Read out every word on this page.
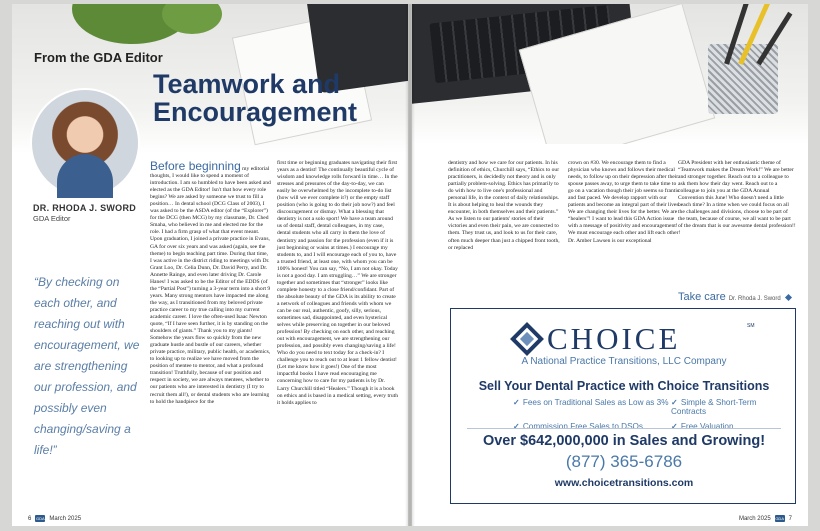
From the GDA Editor
Teamwork and
Encouragement
DR. RHODA J. SWORD
GDA Editor
“By checking on each other, and reaching out with encouragement, we are strengthening our profession, and possibly even changing/saving a life!”
Before beginning my editorial thoughts, I would like to spend a moment of introduction. I am so humbled to have been asked and elected as the GDA Editor! Isn't that how every role begins? We are asked by someone we trust to fill a position… In dental school (DCG Class of 2003), I was asked to be the ASDA editor (of the “Explorer”) for the DCG (then MCG) by my classmate, Dr. Ched Smaha, who believed in me and elected me for the role. I had a firm grasp of what that event meant. Upon graduation, I joined a private practice in Evans, GA for over six years and was asked (again, see the theme) to begin teaching part time. During that time, I was active in the district riding to meetings with Dr. Grant Loo, Dr. Celia Dunn, Dr. David Perry, and Dr. Annette Rainge, and even later driving Dr. Carole Hanes! I was asked to be the Editor of the EDDS (of the “Partial Post”) turning a 3-year term into a short 9 years. Many strong mentors have impacted me along the way, as I transitioned from my beloved private practice career to my true calling into my current academic career. I love the often-used Isaac Newton quote, “If I have seen further, it is by standing on the shoulders of giants.” Thank you to my giants! Somehow the years flow so quickly from the new graduate hustle and bustle of our careers, whether private practice, military, public health, or academics, to looking up to realize we have moved from the position of mentee to mentor, and what a profound transition! Truthfully, because of our position and respect in society, we are always mentees, whether to our patients who are interested in dentistry (I try to recruit them all!), or dental students who are learning to hold the handpiece for the
first time or beginning graduates navigating their first years as a dentist! The continually beautiful cycle of wisdom and knowledge rolls forward in time… In the stresses and pressures of the day-to-day, we can easily be overwhelmed by the incomplete to-do list (how will we ever complete it?) or the empty staff position (who is going to do their job now?) and feel discouragement or dismay. What a blessing that dentistry is not a solo sport! We have a team around us of dental staff, dental colleagues, in my case, dental students who all carry in them the love of dentistry and passion for the profession (even if it is just beginning or wains at times.) I encourage my students to, and I will encourage each of you to, have a trusted friend, at least one, with whom you can be 100% honest! You can say, “No, I am not okay. Today is not a good day. I am struggling…” We are stronger together and sometimes that “stronger” looks like complete honesty to a close friend/confidant. Part of the absolute beauty of the GDA is its ability to create a network of colleagues and friends with whom we can be our real, authentic, goofy, silly, serious, sometimes sad, disappointed, and even hysterical selves while preserving on together in our beloved profession! By checking on each other, and reaching out with encouragement, we are strengthening our profession, and possibly even changing/saving a life! Who do you need to text today for a check-in? I challenge you to reach out to at least 1 fellow dentist! (Let me know how it goes!) One of the most impactful books I have read encouraging me concerning how to care for my patients is by Dr. Larry Churchill titled “Healers.” Though it is a book on ethics and is based in a medical setting, every truth it holds applies to
6 GDA March 2025
dentistry and how we care for our patients. In his definition of ethics, Churchill says, “Ethics to our practitioners, is decidedly not theory and is only partially problem-solving. Ethics has primarily to do with how to live one's professional and personal life, in the context of daily relationships. It is about helping to heal the wounds they encounter, in both themselves and their patients.” As we listen to our patients' stories of their victories and even their pain, we are connected to them. They trust us, and look to us for their care, often much deeper than just a chipped front tooth, or replaced
crown on #30. We encourage them to find a physician who knows and follows their medical needs, to follow up on their depression after their spouse passes away, to urge them to take time to go on a vacation though their job seems so frantic and fast paced. We develop rapport with our patients and become an integral part of their lives. We are changing their lives for the better. We are “healers”! I want to lead this GDA Action issue with a message of positivity and encouragement! We must encourage each other and lift each other! Dr. Amber Lawsen is our exceptional
GDA President with her enthusiastic theme of “Teamwork makes the Dream Work!” We are better and stronger together. Reach out to a colleague to ask them how their day went. Reach out to a colleague to join you at the GDA Annual Convention this June! Who doesn't need a little beach time? In a time when we could focus on all the challenges and divisions, choose to be part of the team, because of course, we all want to be part of the dream that is our awesome dental profession!!
Take care Dr. Rhoda J. Sword
CHOICE	SM
A National Practice Transitions, LLC Company
Sell Your Dental Practice with Choice Transitions
✓ Fees on Traditional Sales as Low as 3% ✓ Simple & Short-Term Contracts
✓ Commission Free Sales to DSOs	✓ Free Valuation
Over $642,000,000 in Sales and Growing!
(877) 365-6786
www.choicetransitions.com
March 2025 GDA 7
